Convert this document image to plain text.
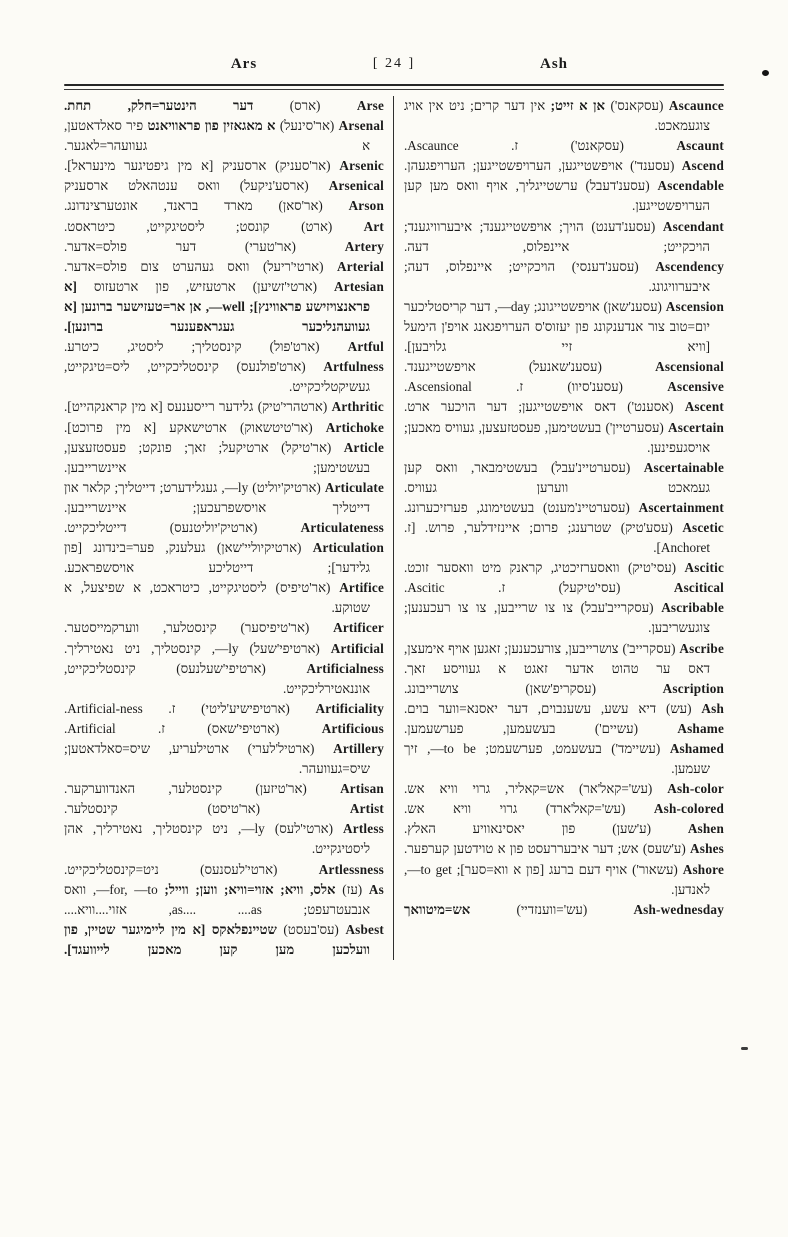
Ars	[ 24 ]	Ash

Arse (ארס) דער הינטער=חלק, תחת.

Arsenal (אר'סינעל) א מאגאזין פון פראוויאנט פיר סאלדאטען, א געוועהר=לאגער.

Arsenic (אר'סעניק) ארסעניק [א מין גיפטיגער מינעראל].

Arsenical (ארסע'ניקעל) וואס ענטהאלט ארסעניק

Arson (אר'סאן) מארד בראנד, אונטערצינדונג.

Art (ארט) קונסט; ליסטיגקייט, כיטראסט.

Artery (אר'טערי) דער פולס=אדער.

Arterial (ארטי'ריעל) וואס געהערט צום פולס=אדער.

Artesian (ארטי'זשיען) ארטעזיש, פון ארטעזוס [א פראנצויזישע פראווינץ]; ‎—well, אן אר=טעזישער ברונען [א געוועהנליכער געגראפענער ברונען].

Artful (ארט'פול) קינסטליך; ליסטיג, כיטרע.

Artfulness (ארט'פולנעס) קינסטליכקייט, ליס=טיגקייט, געשיקטליכקייט.

Arthritic (ארטהרי'טיק) גלידער רייסענעס [א מין קראנקהייט].

Artichoke (אר'טיטשאוק) ארטישאקע [א מין פרוכט].

Article (אר'טיקל) ארטיקעל; זאך; פונקט; פעסטזעצען, בעשטימען; איינשרייבען.

Articulate (ארטיק'יוליט) ‎—ly, געגלידערט; דייטליך; קלאר און דייטליך אויסשפרעכען; איינשרייבען.

Articulateness (ארטיק'יוליטנעס) דייטליכקייט.

Articulation (ארטיקיוליי'שאן) געלענק, פער=בינדונג [פון גלידער]; דייטליכע אויסשפראכע.

Artifice (אר'טיפיס) ליסטיגקייט, כיטראכט, א שפיצעל, א שטוקע.

Artificer (אר'טיפיסער) קינסטלער, ווערקמייסטער.

Artificial (ארטיפי'שעל) ‎—ly, קינסטליך, ניט נאטירליך.

Artificialness (ארטיפי'שעלנעס) קינסטליכקייט, אוננאטירליכקייט.

Artificiality (ארטיפישיע'ליטי) ז. ‎Artificial-ness.

Artificious (ארטיפי'שאס) ז. ‎Artificial.

Artillery (ארטיל'לערי) ארטילעריע, שיס=סאלדאטען; שיס=געוועהר.

Artisan (אר'טיזען) קינסטלער, האנדווערקער.

Artist (אר'טיסט) קינסטלער.

Artless (ארטי'לעס) ‎—ly, ניט קינסטליך, נאטירליך, אהן ליסטיגקייט.

Artlessness (ארטי'לעסנעס) ניט=קינסטליכקייט.

As (עז) אלס, וויא; אזוי=וויא; ווען; ווייל; ‎—for, ‎—to, וואס אנבעטרעפט; ‎as.... ‎....as, אזוי....וויא....

Asbest (עס'בעסט) שטיינפלאקס [א מין ליימיגער שטיין, פון וועלכען מען קען מאכען לייוועגד].

Ascaunce (עסקאנס') אן א זייט; אין דער קרים; ניט אין אויג צוגעמאכט.

Ascaunt (עסקאנט') ז. ‎Ascaunce.

Ascend (עסענד') אויפשטייגען, הערויפשטייגען; הערויפגעהן.

Ascendable (עסענ'דעבל) ערשטייגליך, אויף וואס מען קען הערויפשטייגען.

Ascendant (עסענ'דענט) הויך; אויפשטייגענד; איבערוויגענד; הויכקייט; איינפלוס, דעה.

Ascendency (עסענ'דענסי) הויכקייט; איינפלוס, דעה; איבערוויגונג.

Ascension (עסענ'שאן) אויפשטייגונג; ‎—day, דער קריסטליכער יום=טוב צור אנדענקונג פון יעזוס'ס הערויפגאנג אויפ'ן הימעל [וויא זיי גלויבען].

Ascensional (עסענ'שאנעל) אויפשטייגענד.

Ascensive (עסענ'סיוו) ז. ‎Ascensional.

Ascent (אסענט') דאס אויפשטייגען; דער הויכער ארט.

Ascertain (עסערטיין') בעשטימען, פעסטזעצען, געוויס מאכען; אויסגעפינען.

Ascertainable (עסערטיינ'עבל) בעשטימבאר, וואס קען געמאכט ווערען געוויס.

Ascertainment (עסערטיינ'מענט) בעשטימונג, פערזיכערונג.

Ascetic (עסע'טיק) שטרענג; פרום; איינזידלער, פרוש. [ז. ‎Anchoret].

Ascitic (עסי'טיק) וואסערזיכטיג, קראנק מיט וואסער זוכט.

Ascitical (עסי'טיקעל) ז. ‎Ascitic.

Ascribable (עסקרייב'עבל) צו צו שרייבען, צו צו רעכענען; צוגעשריבען.

Ascribe (עסקרייב') צושרייבען, צורעכענען; זאגען אויף אימעצן, דאס ער טהוט אדער זאגט א געוויסע זאך.

Ascription (עסקריפ'שאן) צושרייבונג.

Ash (עש) דיא עשע, עשענבוים, דער יאסנא=ווער בוים.

Ashame (עשיים') בעשעמען, פערשעמען.

Ashamed (עשיימד') בעשעמט, פערשעמט; ‎—to be, זיך שעמען.

Ash-color (עש'=קאל'אר) אש=קאליר, גרוי וויא אש.

Ash-colored (עש'=קאל'ארד) גרוי וויא אש.

Ashen (ע'שען) פון יאסינאוויע האלץ.

Ashes (ע'שעס) אש; דער איבעררעסט פון א טוידטען קערפער.

Ashore (עשאור') אויף דעם ברעג [פון א ווא=סער]; ‎—to get, לאנדען.

Ash-wednesday (עש'=ווענזדיי) אש=מיטוואך
